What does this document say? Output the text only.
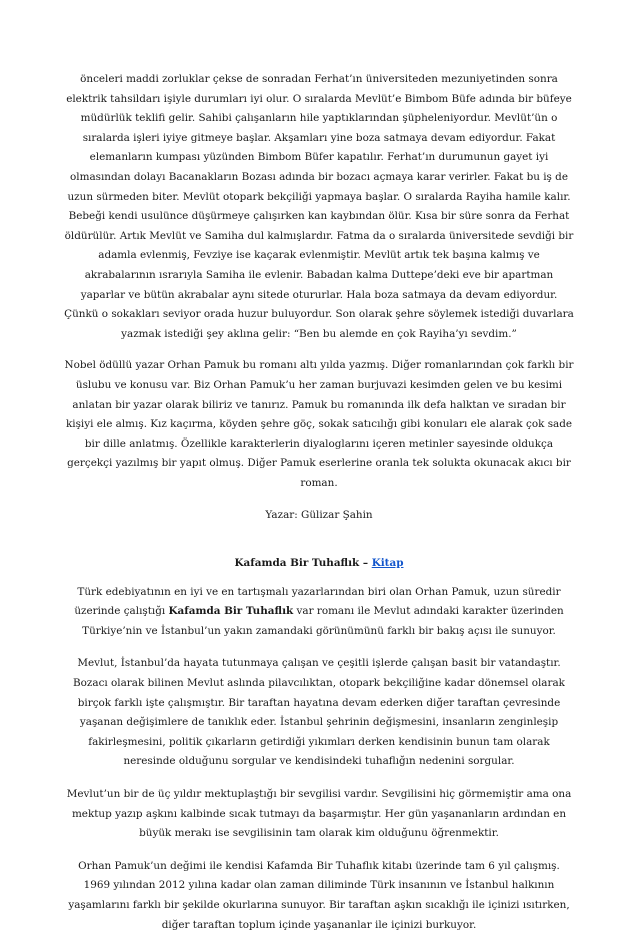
önceleri maddi zorluklar çekse de sonradan Ferhat’ın üniversiteden mezuniyetinden sonra elektrik tahsildarı işiyle durumları iyi olur. O sıralarda Mevlüt’e Bimbom Büfe adında bir büfeye müdürlük teklifi gelir. Sahibi çalışanların hile yaptıklarından şüpheleniyordur. Mevlüt’ün o sıralarda işleri iyiye gitmeye başlar. Akşamları yine boza satmaya devam ediyordur. Fakat elemanların kumpası yüzünden Bimbom Büfer kapatılır. Ferhat’ın durumunun gayet iyi olmasından dolayı Bacanakların Bozası adında bir bozacı açmaya karar verirler. Fakat bu iş de uzun sürmeden biter. Mevlüt otopark bekçiliği yapmaya başlar. O sıralarda Rayiha hamile kalır. Bebeği kendi usulünce düşürmeye çalışırken kan kaybından ölür. Kısa bir süre sonra da Ferhat öldürülür. Artık Mevlüt ve Samiha dul kalmışlardır. Fatma da o sıralarda üniversitede sevdiği bir adamla evlenmiş, Fevziye ise kaçarak evlenmiştir. Mevlüt artık tek başına kalmış ve akrabalarının ısrarıyla Samiha ile evlenir. Babadan kalma Duttepe’deki eve bir apartman yaparlar ve bütün akrabalar aynı sitede otururlar. Hala boza satmaya da devam ediyordur. Çünkü o sokakları seviyor orada huzur buluyordur. Son olarak şehre söylemek istediği duvarlara yazmak istediği şey aklına gelir: “Ben bu alemde en çok Rayiha’yı sevdim.”

Nobel ödüllü yazar Orhan Pamuk bu romanı altı yılda yazmış. Diğer romanlarından çok farklı bir üslubu ve konusu var. Biz Orhan Pamuk’u her zaman burjuvazi kesimden gelen ve bu kesimi anlatan bir yazar olarak biliriz ve tanırız. Pamuk bu romanında ilk defa halktan ve sıradan bir kişiyi ele almış. Kız kaçırma, köyden şehre göç, sokak satıcılığı gibi konuları ele alarak çok sade bir dille anlatmış. Özellikle karakterlerin diyaloglarını içeren metinler sayesinde oldukça gerçekçi yazılmış bir yapıt olmuş. Diğer Pamuk eserlerine oranla tek solukta okunacak akıcı bir roman.

Yazar: Gülizar Şahin

Kafamda Bir Tuhaflık – Kitap

Türk edebiyatının en iyi ve en tartışmalı yazarlarından biri olan Orhan Pamuk, uzun süredir üzerinde çalıştığı Kafamda Bir Tuhaflık var romanı ile Mevlut adındaki karakter üzerinden Türkiye’nin ve İstanbul’un yakın zamandaki görünümünü farklı bir bakış açısı ile sunuyor.

Mevlut, İstanbul’da hayata tutunmaya çalışan ve çeşitli işlerde çalışan basit bir vatandaştır. Bozacı olarak bilinen Mevlut aslında pilavcılıktan, otopark bekçiliğine kadar dönemsel olarak birçok farklı işte çalışmıştır. Bir taraftan hayatına devam ederken diğer taraftan çevresinde yaşanan değişimlere de tanıklık eder. İstanbul şehrinin değişmesini, insanların zenginleşip fakirleşmesini, politik çıkarların getirdiği yıkımları derken kendisinin bunun tam olarak neresinde olduğunu sorgular ve kendisindeki tuhaflığın nedenini sorgular.

Mevlut’un bir de üç yıldır mektuplaştığı bir sevgilisi vardır. Sevgilisini hiç görmemiştir ama ona mektup yazıp aşkını kalbinde sıcak tutmayı da başarmıştır. Her gün yaşananların ardından en büyük merakı ise sevgilisinin tam olarak kim olduğunu öğrenmektir.

Orhan Pamuk’un değimi ile kendisi Kafamda Bir Tuhaflık kitabı üzerinde tam 6 yıl çalışmış. 1969 yılından 2012 yılına kadar olan zaman diliminde Türk insanının ve İstanbul halkının yaşamlarını farklı bir şekilde okurlarına sunuyor. Bir taraftan aşkın sıcaklığı ile içinizi ısıtırken, diğer taraftan toplum içinde yaşananlar ile içinizi burkuyor.
